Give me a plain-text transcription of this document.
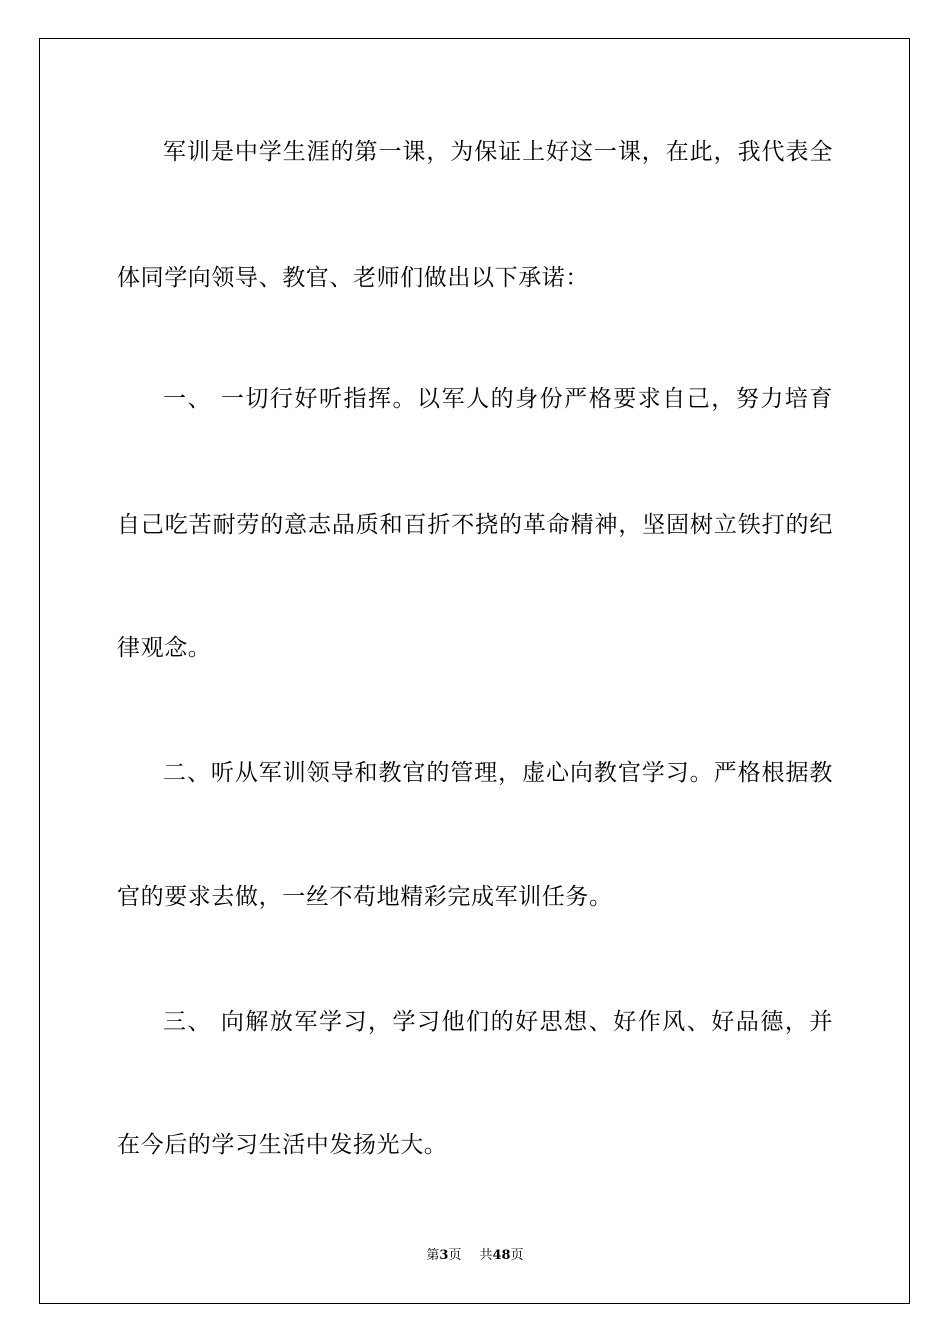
军训是中学生涯的第一课，为保证上好这一课，在此，我代表全
体同学向领导、教官、老师们做出以下承诺：
一、 一切行好听指挥。以军人的身份严格要求自己，努力培育
自己吃苦耐劳的意志品质和百折不挠的革命精神，坚固树立铁打的纪
律观念。
二、听从军训领导和教官的管理，虚心向教官学习。严格根据教
官的要求去做，一丝不苟地精彩完成军训任务。
三、 向解放军学习，学习他们的好思想、好作风、好品德，并
在今后的学习生活中发扬光大。
第3页 共48页
